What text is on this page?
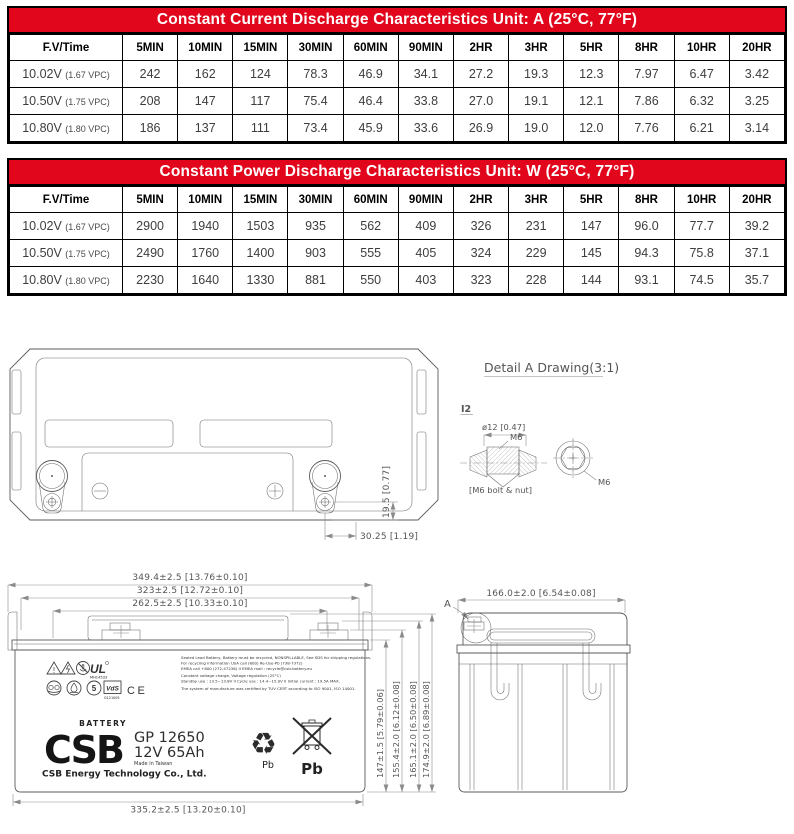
Constant Current Discharge Characteristics Unit: A (25°C, 77°F)
F.V/Time	5MIN	10MIN	15MIN	30MIN	60MIN	90MIN	2HR	3HR	5HR	8HR	10HR	20HR
10.02V (1.67 VPC)	242	162	124	78.3	46.9	34.1	27.2	19.3	12.3	7.97	6.47	3.42
10.50V (1.75 VPC)	208	147	117	75.4	46.4	33.8	27.0	19.1	12.1	7.86	6.32	3.25
10.80V (1.80 VPC)	186	137	111	73.4	45.9	33.6	26.9	19.0	12.0	7.76	6.21	3.14
Constant Power Discharge Characteristics Unit: W (25°C, 77°F)
F.V/Time	5MIN	10MIN	15MIN	30MIN	60MIN	90MIN	2HR	3HR	5HR	8HR	10HR	20HR
10.02V (1.67 VPC)	2900	1940	1503	935	562	409	326	231	147	96.0	77.7	39.2
10.50V (1.75 VPC)	2490	1760	1400	903	555	405	324	229	145	94.3	75.8	37.1
10.80V (1.80 VPC)	2230	1640	1330	881	550	403	323	228	144	93.1	74.5	35.7
19.5 [0.77]
30.25 [1.19]
Detail A Drawing(3:1)
I2
ø12 [0.47]
M6
[M6 bolt & nut]
M6
349.4±2.5 [13.76±0.10]
323±2.5 [12.72±0.10]
262.5±2.5 [10.33±0.10]
!	UL
MH14533
5 VdS
G121005
CE
Sealed Lead Battery, Battery must be recycled, NONSPILLABLE, See SDS for shipping regulations.
For recycling information USA call (800) Re-Use-Pb (738-7372)
EMEA call +800 (272-47236) II EMEA mail : recycle@csb-battery.eu
Constant voltage charge, Voltage regulation (25°C)
Standby use : 13.5~13.8V II Cycle use : 14.4~15.0V II Initial current : 19.5A MAX.
The system of manufacture was certified by TUV CERT according to ISO 9001, ISO 14001.
BATTERY
CSB GP 12650
12V 65Ah
Made in Taiwan
CSB Energy Technology Co., Ltd.
♻
Pb Pb
335.2±2.5 [13.20±0.10]
147±1.5 [5.79±0.06] 155.4±2.0 [6.12±0.08] 165.1±2.0 [6.50±0.08] 174.9±2.0 [6.89±0.08]
A
166.0±2.0 [6.54±0.08]
